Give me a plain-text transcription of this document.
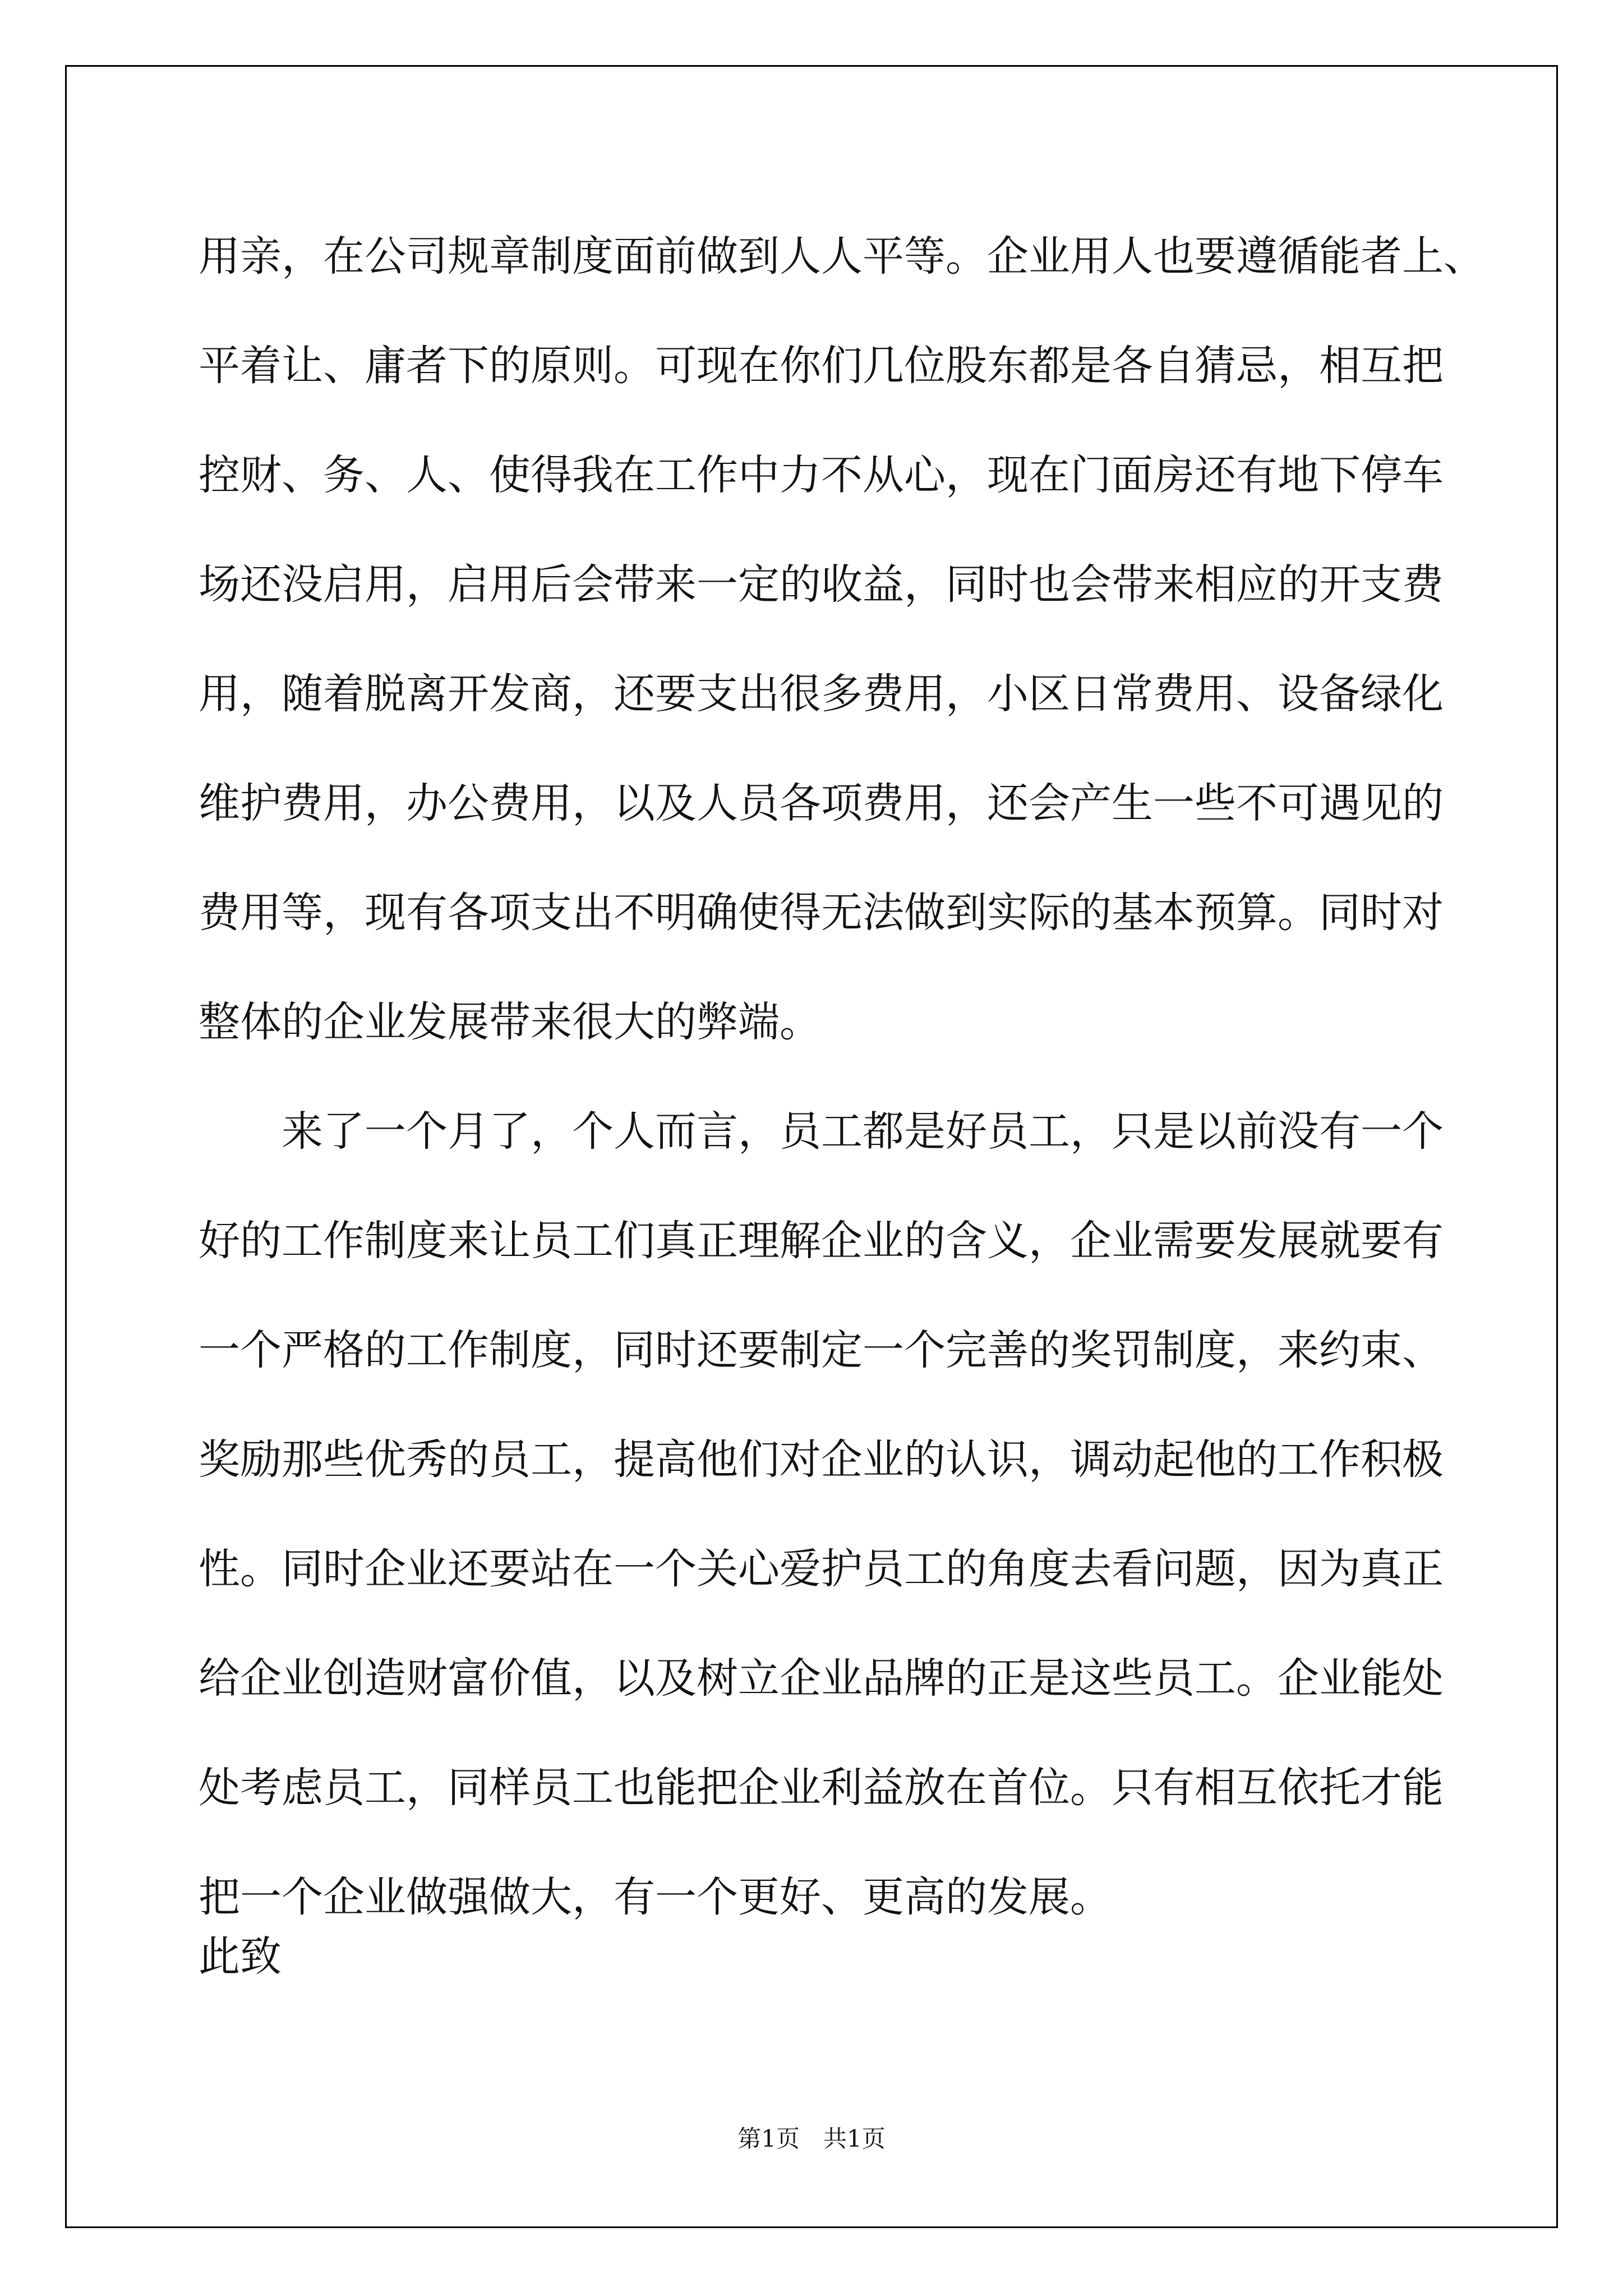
用亲，在公司规章制度面前做到人人平等。企业用人也要遵循能者上、
平着让、庸者下的原则。可现在你们几位股东都是各自猜忌，相互把
控财、务、人、使得我在工作中力不从心，现在门面房还有地下停车
场还没启用，启用后会带来一定的收益，同时也会带来相应的开支费
用，随着脱离开发商，还要支出很多费用，小区日常费用、设备绿化
维护费用，办公费用，以及人员各项费用，还会产生一些不可遇见的
费用等，现有各项支出不明确使得无法做到实际的基本预算。同时对
整体的企业发展带来很大的弊端。
来了一个月了，个人而言，员工都是好员工，只是以前没有一个
好的工作制度来让员工们真正理解企业的含义，企业需要发展就要有
一个严格的工作制度，同时还要制定一个完善的奖罚制度，来约束、
奖励那些优秀的员工，提高他们对企业的认识，调动起他的工作积极
性。同时企业还要站在一个关心爱护员工的角度去看问题，因为真正
给企业创造财富价值，以及树立企业品牌的正是这些员工。企业能处
处考虑员工，同样员工也能把企业利益放在首位。只有相互依托才能
把一个企业做强做大，有一个更好、更高的发展。
此致
第1页　共1页
